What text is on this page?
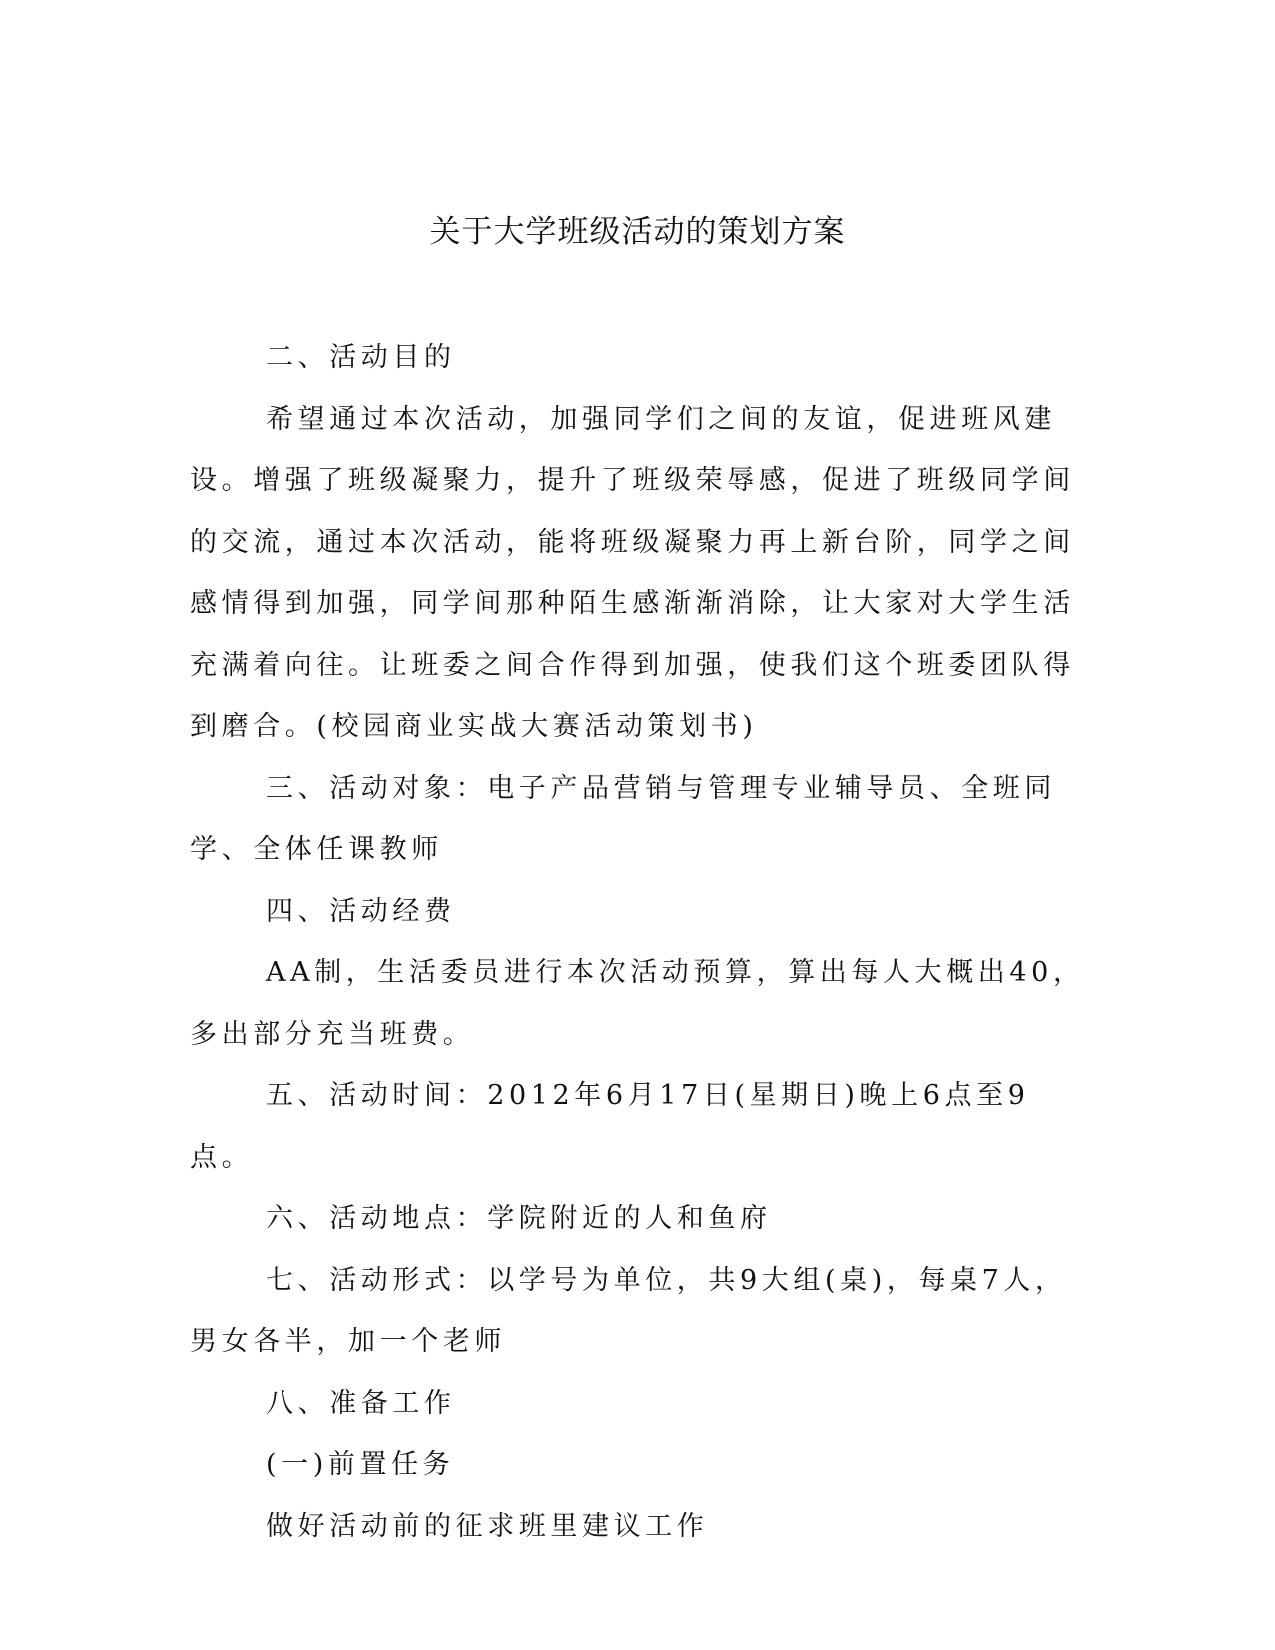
关于大学班级活动的策划方案

二、活动目的

希望通过本次活动，加强同学们之间的友谊，促进班风建设。增强了班级凝聚力，提升了班级荣辱感，促进了班级同学间的交流，通过本次活动，能将班级凝聚力再上新台阶，同学之间感情得到加强，同学间那种陌生感渐渐消除，让大家对大学生活充满着向往。让班委之间合作得到加强，使我们这个班委团队得到磨合。(校园商业实战大赛活动策划书)

三、活动对象：电子产品营销与管理专业辅导员、全班同学、全体任课教师

四、活动经费

AA制，生活委员进行本次活动预算，算出每人大概出40，多出部分充当班费。

五、活动时间：2012年6月17日(星期日)晚上6点至9点。

六、活动地点：学院附近的人和鱼府

七、活动形式：以学号为单位，共9大组(桌)，每桌7人，男女各半，加一个老师

八、准备工作

(一)前置任务

做好活动前的征求班里建议工作
